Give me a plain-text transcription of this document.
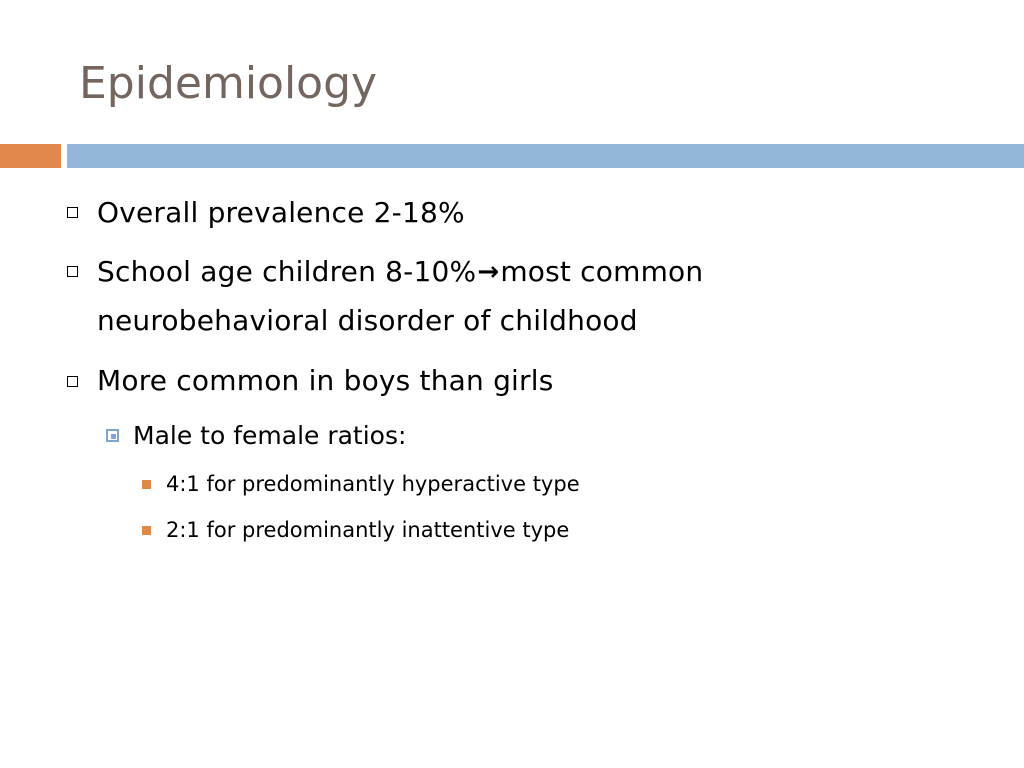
Epidemiology
Overall prevalence 2-18%
School age children 8-10%→most common
neurobehavioral disorder of childhood
More common in boys than girls
Male to female ratios:
4:1 for predominantly hyperactive type
2:1 for predominantly inattentive type
